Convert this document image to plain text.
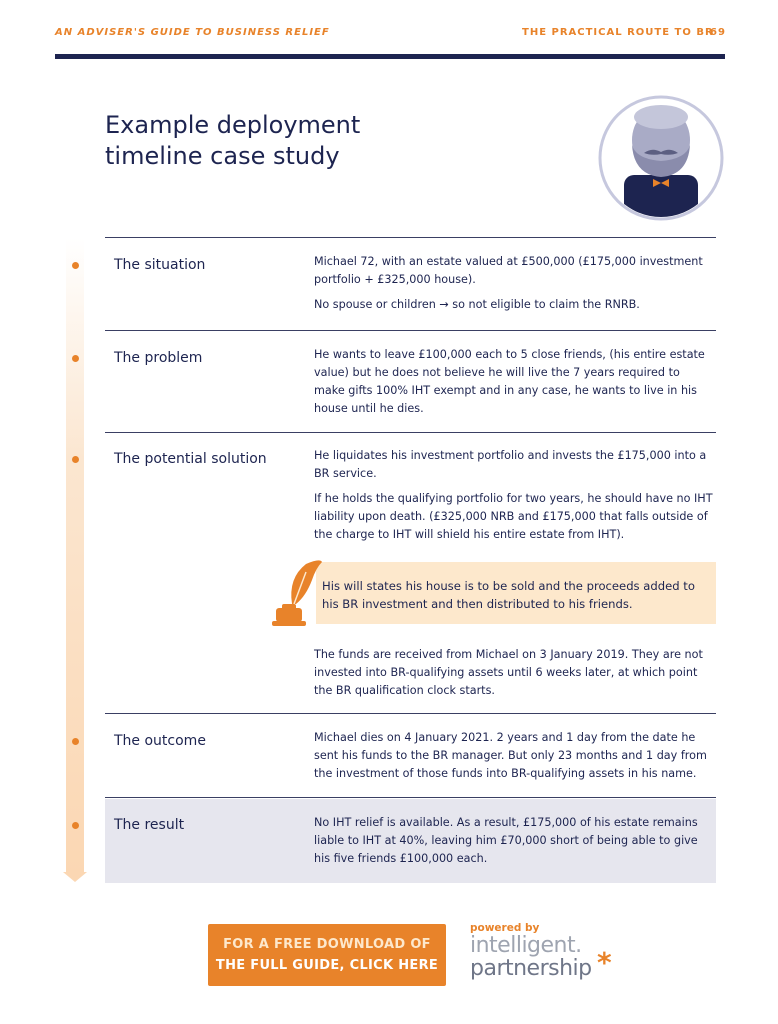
AN ADVISER'S GUIDE TO BUSINESS RELIEF	THE PRACTICAL ROUTE TO BR
69
Example deployment
timeline case study
The situation	Michael 72, with an estate valued at £500,000 (£175,000 investment portfolio + £325,000 house).

No spouse or children → so not eligible to claim the RNRB.

The problem	He wants to leave £100,000 each to 5 close friends, (his entire estate value) but he does not believe he will live the 7 years required to make gifts 100% IHT exempt and in any case, he wants to live in his house until he dies.

The potential solution	He liquidates his investment portfolio and invests the £175,000 into a BR service.

If he holds the qualifying portfolio for two years, he should have no IHT liability upon death. (£325,000 NRB and £175,000 that falls outside of the charge to IHT will shield his entire estate from IHT).

His will states his house is to be sold and the proceeds added to his BR investment and then distributed to his friends.
The funds are received from Michael on 3 January 2019. They are not invested into BR-qualifying assets until 6 weeks later, at which point the BR qualification clock starts.
The outcome	Michael dies on 4 January 2021. 2 years and 1 day from the date he sent his funds to the BR manager. But only 23 months and 1 day from the investment of those funds into BR-qualifying assets in his name.

The result	No IHT relief is available. As a result, £175,000 of his estate remains liable to IHT at 40%, leaving him £70,000 short of being able to give his five friends £100,000 each.

FOR A FREE DOWNLOAD OF
THE FULL GUIDE, CLICK HERE
powered by
intelligent.
partnership *
